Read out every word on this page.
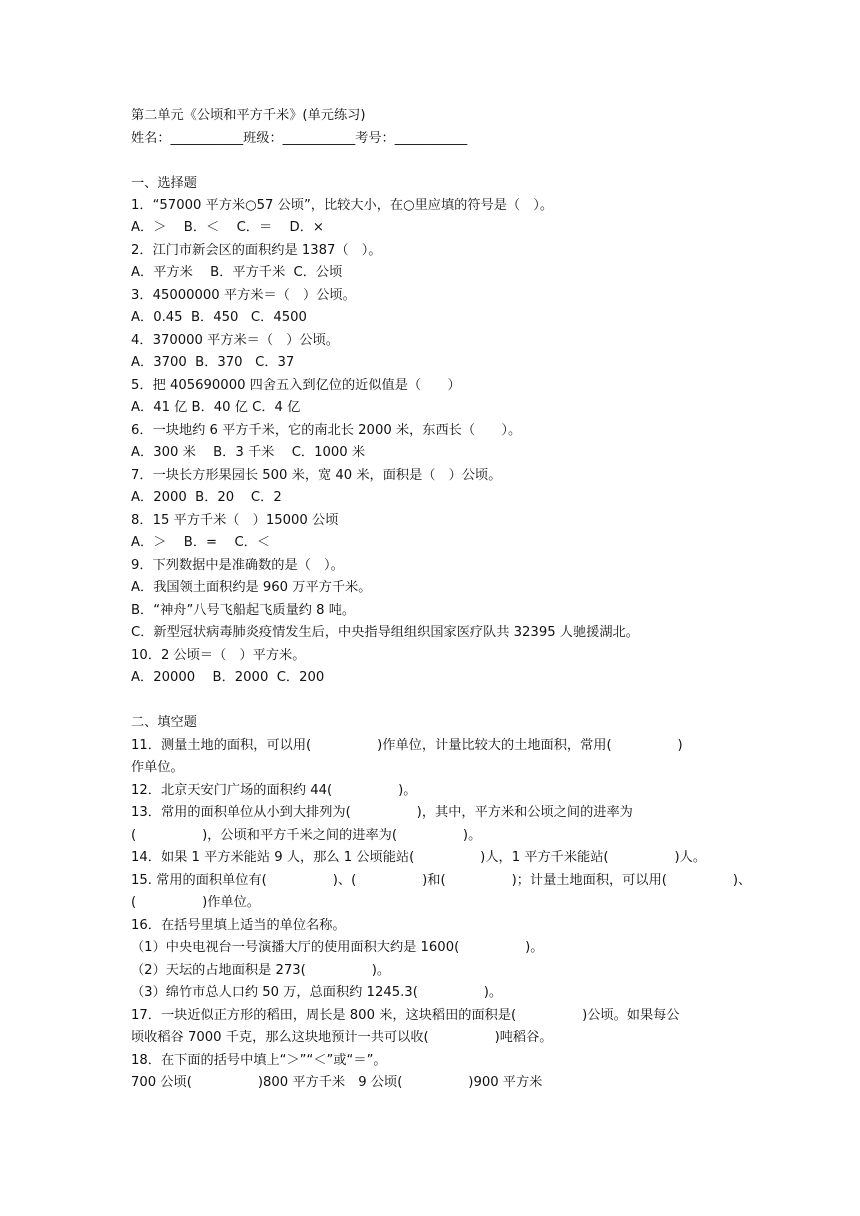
第二单元《公顷和平方千米》(单元练习)
姓名：___________班级：___________考号：___________
一、选择题
1．“57000 平方米○57 公顷”，比较大小，在○里应填的符号是（　）。
A．＞　 B．＜　 C．＝　 D．×
2．江门市新会区的面积约是 1387（　）。
A．平方米　 B．平方千米  C．公顷
3．45000000 平方米＝（　）公顷。
A．0.45  B．450   C．4500
4．370000 平方米＝（　）公顷。
A．3700  B．370   C．37
5．把 405690000 四舍五入到亿位的近似值是（　　）
A．41 亿 B．40 亿 C．4 亿
6．一块地约 6 平方千米，它的南北长 2000 米，东西长（　　）。
A．300 米　 B．3 千米　 C．1000 米
7．一块长方形果园长 500 米，宽 40 米，面积是（　）公顷。
A．2000  B．20    C．2
8．15 平方千米（　）15000 公顷
A．＞　 B．=　 C．＜
9．下列数据中是准确数的是（　）。
A．我国领土面积约是 960 万平方千米。
B．“神舟”八号飞船起飞质量约 8 吨。
C．新型冠状病毒肺炎疫情发生后，中央指导组组织国家医疗队共 32395 人驰援湖北。
10．2 公顷＝（　）平方米。
A．20000　 B．2000  C．200
二、填空题
11．测量土地的面积，可以用(　　　　　)作单位，计量比较大的土地面积，常用(　　　　　)
作单位。
12．北京天安门广场的面积约 44(　　　　　)。
13．常用的面积单位从小到大排列为(　　　　　)，其中，平方米和公顷之间的进率为
(　　　　　)，公顷和平方千米之间的进率为(　　　　　)。
14．如果 1 平方米能站 9 人，那么 1 公顷能站(　　　　　)人，1 平方千米能站(　　　　　)人。
15. 常用的面积单位有(　　　　　)、(　　　　　)和(　　　　　)；计量土地面积，可以用(　　　　　)、
(　　　　　)作单位。
16．在括号里填上适当的单位名称。
（1）中央电视台一号演播大厅的使用面积大约是 1600(　　　　　)。
（2）天坛的占地面积是 273(　　　　　)。
（3）绵竹市总人口约 50 万，总面积约 1245.3(　　　　　)。
17．一块近似正方形的稻田，周长是 800 米，这块稻田的面积是(　　　　　)公顷。如果每公
顷收稻谷 7000 千克，那么这块地预计一共可以收(　　　　　)吨稻谷。
18．在下面的括号中填上“＞”“＜”或“＝”。
700 公顷(　　　　　)800 平方千米　9 公顷(　　　　　)900 平方米
